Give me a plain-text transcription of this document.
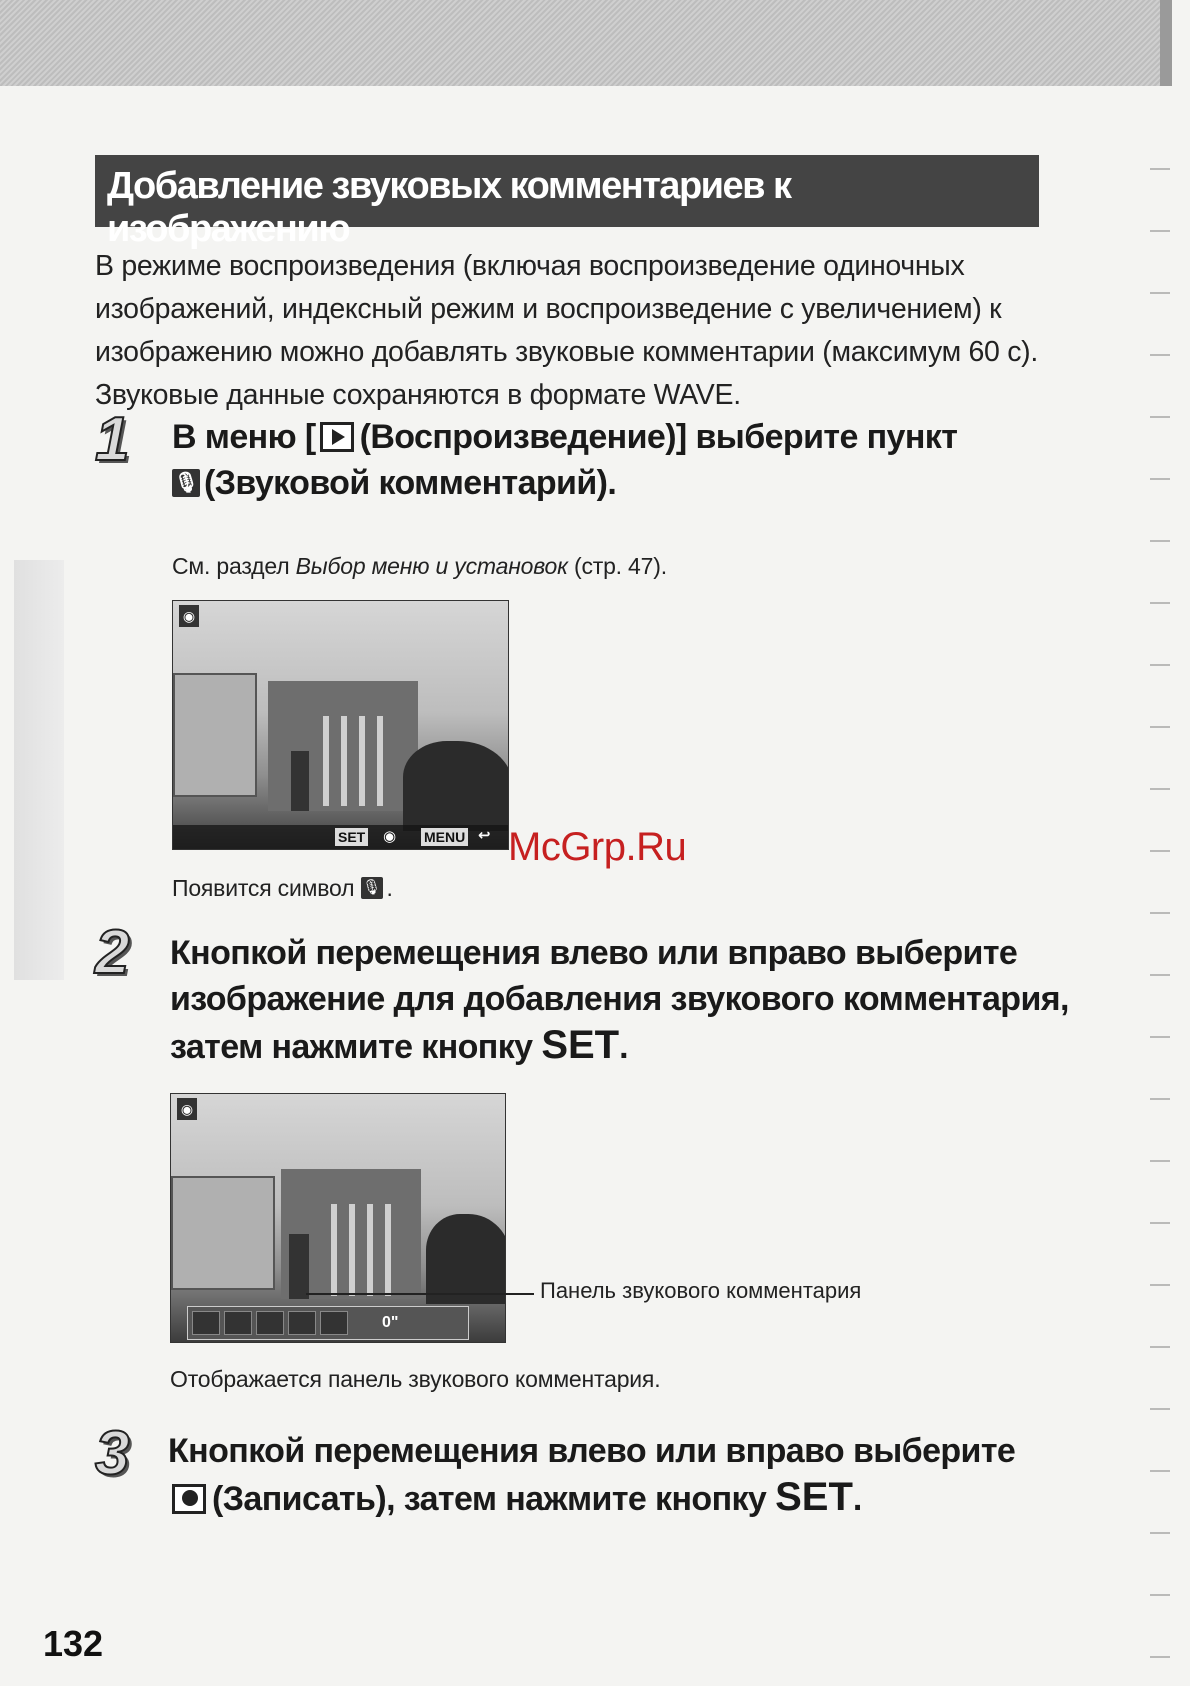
Добавление звуковых комментариев к изображению
В режиме воспроизведения (включая воспроизведение одиночных изображений, индексный режим и воспроизведение с увеличением) к изображению можно добавлять звуковые комментарии (максимум 60 с). Звуковые данные сохраняются в формате WAVE.
1 В меню [ (Воспроизведение)] выберите пункт
🎙 (Звуковой комментарий).
См. раздел Выбор меню и установок (стр. 47).
◉
SET ◉ MENU ↩
Появится символ 🎙 .
2 Кнопкой перемещения влево или вправо выберите
изображение для добавления звукового комментария,
затем нажмите кнопку SET.
◉
0"
Панель звукового комментария
Отображается панель звукового комментария.
3 Кнопкой перемещения влево или вправо выберите
(Записать), затем нажмите кнопку SET.
McGrp.Ru
132
